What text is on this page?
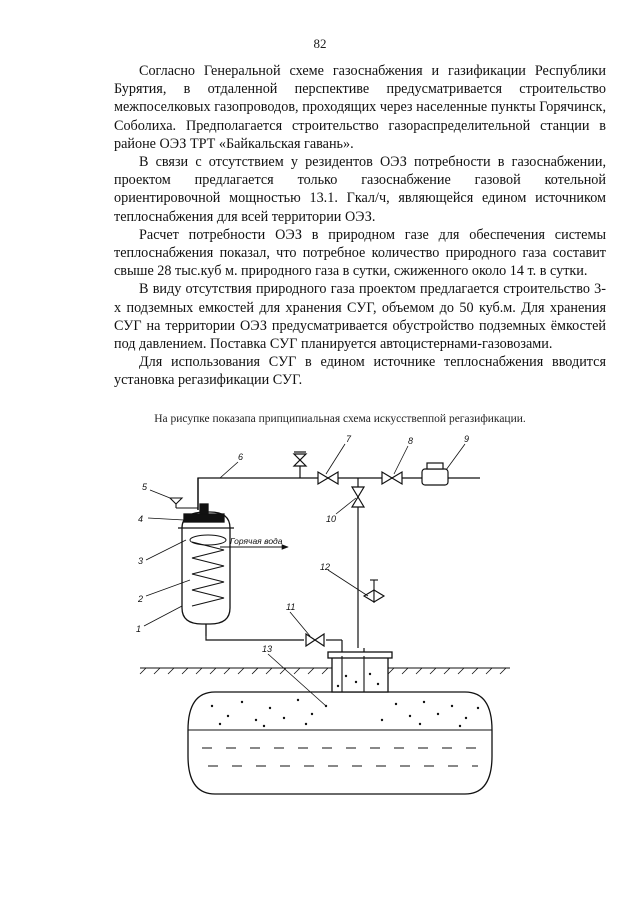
82

Согласно Генеральной схеме газоснабжения и газификации Республики Бурятия, в отдаленной перспективе предусматривается строительство межпоселковых газопроводов, проходящих через населенные пункты Горячинск, Соболиха. Предполагается строительство газораспределительной станции в районе ОЭЗ ТРТ «Байкальская гавань».

В связи с отсутствием у резидентов ОЭЗ потребности в газоснабжении, проектом предлагается только газоснабжение газовой котельной ориентировочной мощностью 13.1. Гкал/ч, являющейся едином источником теплоснабжения для всей территории ОЭЗ.

Расчет потребности ОЭЗ в природном газе для обеспечения системы теплоснабжения показал, что потребное количество природного газа составит свыше 28 тыс.куб м. природного газа в сутки, сжиженного около 14 т. в сутки.

В виду отсутствия природного газа проектом предлагается строительство 3-х подземных емкостей для хранения СУГ, объемом до 50 куб.м. Для хранения СУГ на территории ОЭЗ предусматривается обустройство подземных ёмкостей под давлением. Поставка СУГ планируется автоцистернами-газовозами.

Для использования СУГ в едином источнике теплоснабжения вводится установка регазификации СУГ.

На рисупке показапа припципиальная схема искусствеппой регазификации.
Горячая вода
1
2
3
4
5
6
7	8	9
10
11
12
13
